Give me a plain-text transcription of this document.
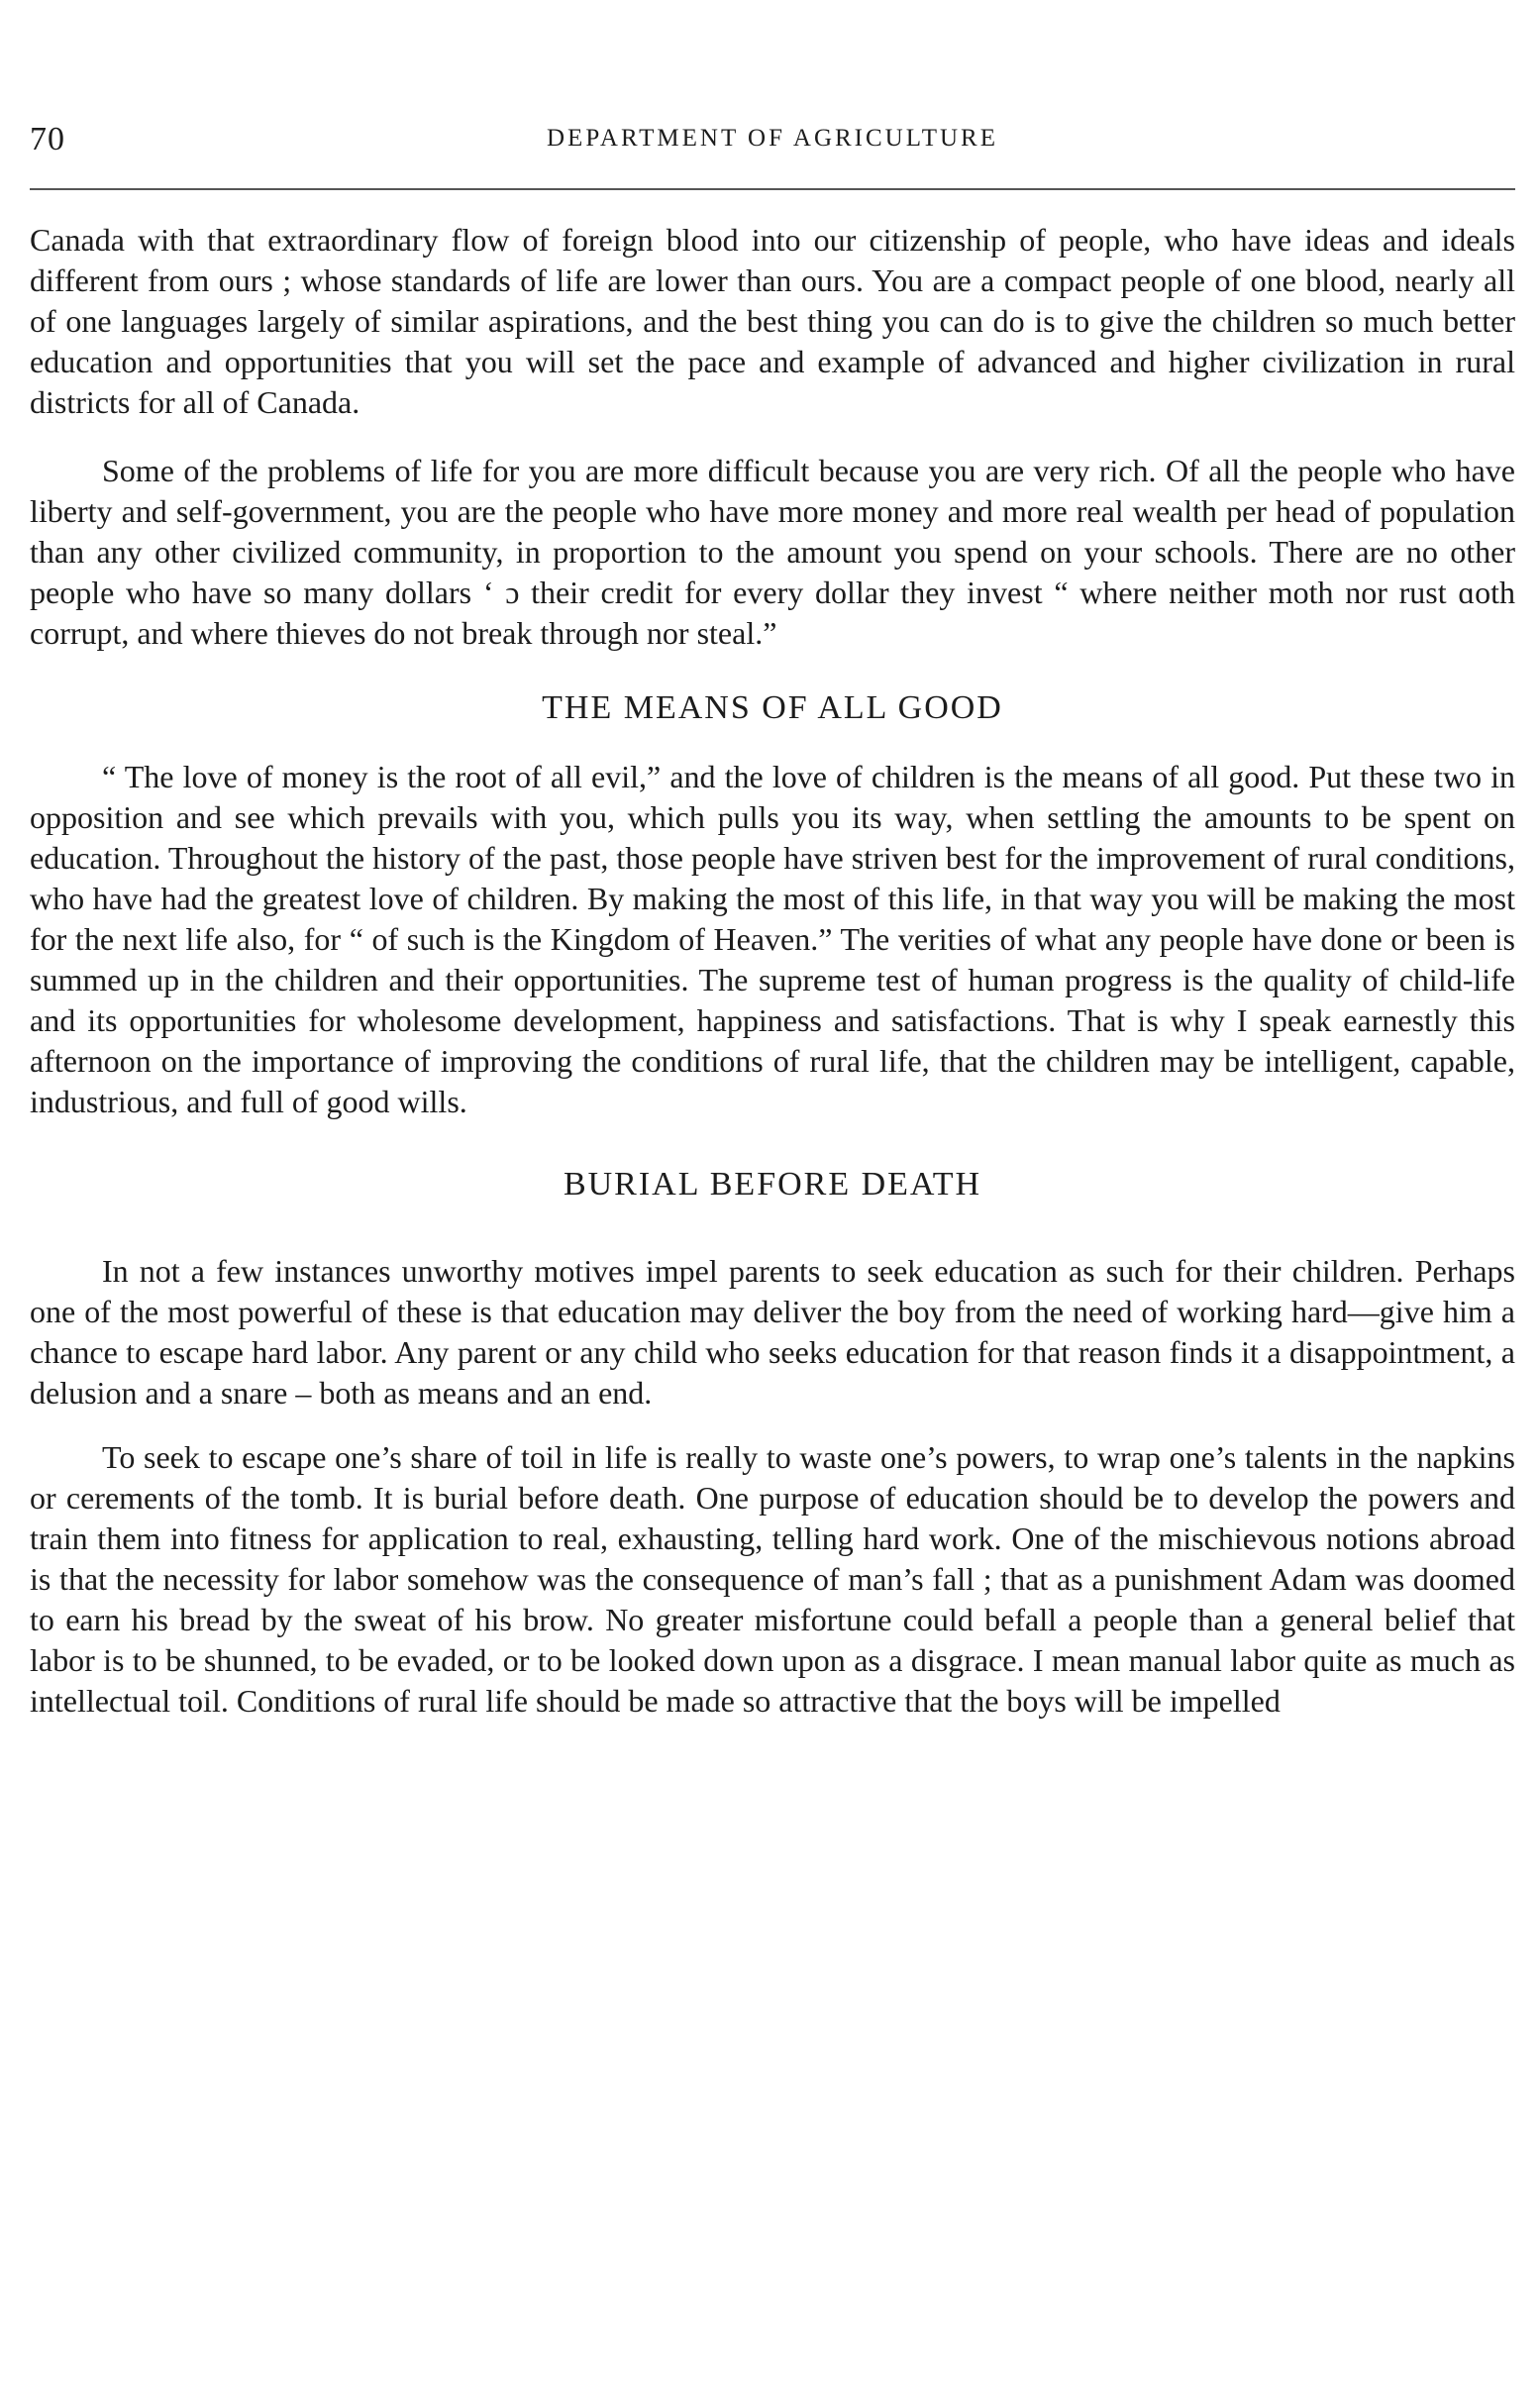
70	DEPARTMENT OF AGRICULTURE

Canada with that extraordinary flow of foreign blood into our citizenship of people, who have ideas and ideals different from ours ; whose standards of life are lower than ours. You are a compact people of one blood, nearly all of one languages largely of similar aspirations, and the best thing you can do is to give the children so much better education and opportunities that you will set the pace and example of advanced and higher civilization in rural districts for all of Canada.

Some of the problems of life for you are more difficult because you are very rich. Of all the people who have liberty and self-government, you are the people who have more money and more real wealth per head of population than any other civilized community, in proportion to the amount you spend on your schools. There are no other people who have so many dollars ‘ ɔ their credit for every dollar they invest “ where neither moth nor rust ɑoth corrupt, and where thieves do not break through nor steal.”

THE MEANS OF ALL GOOD

“ The love of money is the root of all evil,” and the love of children is the means of all good. Put these two in opposition and see which prevails with you, which pulls you its way, when settling the amounts to be spent on education. Throughout the history of the past, those people have striven best for the improvement of rural conditions, who have had the greatest love of children. By making the most of this life, in that way you will be making the most for the next life also, for “ of such is the Kingdom of Heaven.” The verities of what any people have done or been is summed up in the children and their opportunities. The supreme test of human progress is the quality of child-life and its opportunities for wholesome development, happiness and satisfactions. That is why I speak earnestly this afternoon on the importance of improving the conditions of rural life, that the children may be intelligent, capable, industrious, and full of good wills.

BURIAL BEFORE DEATH

In not a few instances unworthy motives impel parents to seek education as such for their children. Perhaps one of the most powerful of these is that education may deliver the boy from the need of working hard—give him a chance to escape hard labor. Any parent or any child who seeks education for that reason finds it a disappointment, a delusion and a snare – both as means and an end.

To seek to escape one’s share of toil in life is really to waste one’s powers, to wrap one’s talents in the napkins or cerements of the tomb. It is burial before death. One purpose of education should be to develop the powers and train them into fitness for application to real, exhausting, telling hard work. One of the mischievous notions abroad is that the necessity for labor somehow was the consequence of man’s fall ; that as a punishment Adam was doomed to earn his bread by the sweat of his brow. No greater misfortune could befall a people than a general belief that labor is to be shunned, to be evaded, or to be looked down upon as a disgrace. I mean manual labor quite as much as intellectual toil. Conditions of rural life should be made so attractive that the boys will be impelled
